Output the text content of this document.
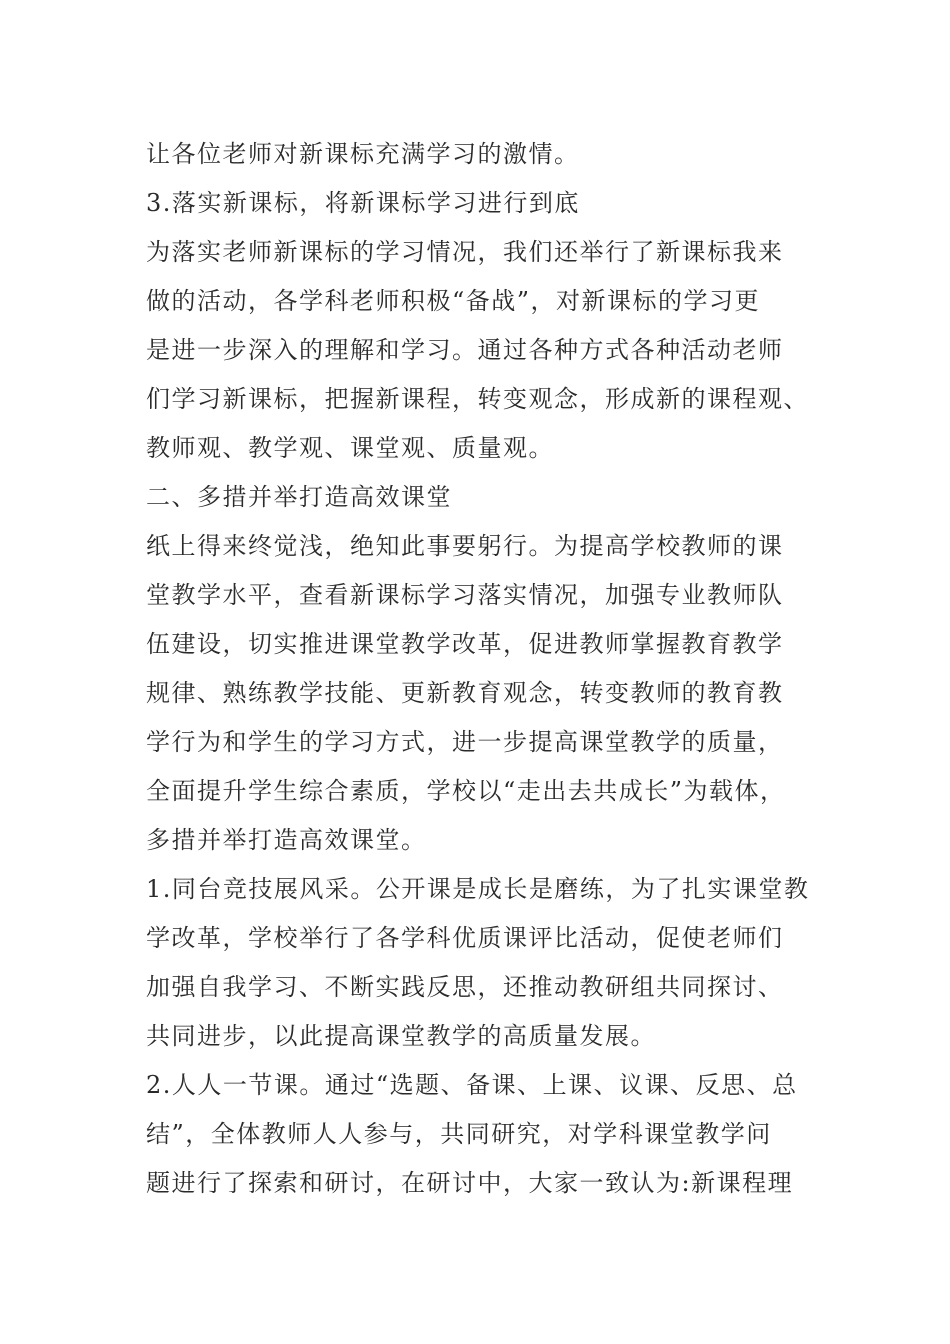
让各位老师对新课标充满学习的激情。
3.落实新课标，将新课标学习进行到底
为落实老师新课标的学习情况，我们还举行了新课标我来
做的活动，各学科老师积极“备战”，对新课标的学习更
是进一步深入的理解和学习。通过各种方式各种活动老师
们学习新课标，把握新课程，转变观念，形成新的课程观、
教师观、教学观、课堂观、质量观。
二、多措并举打造高效课堂
纸上得来终觉浅，绝知此事要躬行。为提高学校教师的课
堂教学水平，查看新课标学习落实情况，加强专业教师队
伍建设，切实推进课堂教学改革，促进教师掌握教育教学
规律、熟练教学技能、更新教育观念，转变教师的教育教
学行为和学生的学习方式，进一步提高课堂教学的质量，
全面提升学生综合素质，学校以“走出去共成长”为载体，
多措并举打造高效课堂。
1.同台竞技展风采。公开课是成长是磨练，为了扎实课堂教
学改革，学校举行了各学科优质课评比活动，促使老师们
加强自我学习、不断实践反思，还推动教研组共同探讨、
共同进步，以此提高课堂教学的高质量发展。
2.人人一节课。通过“选题、备课、上课、议课、反思、总
结”，全体教师人人参与，共同研究，对学科课堂教学问
题进行了探索和研讨，在研讨中，大家一致认为:新课程理
